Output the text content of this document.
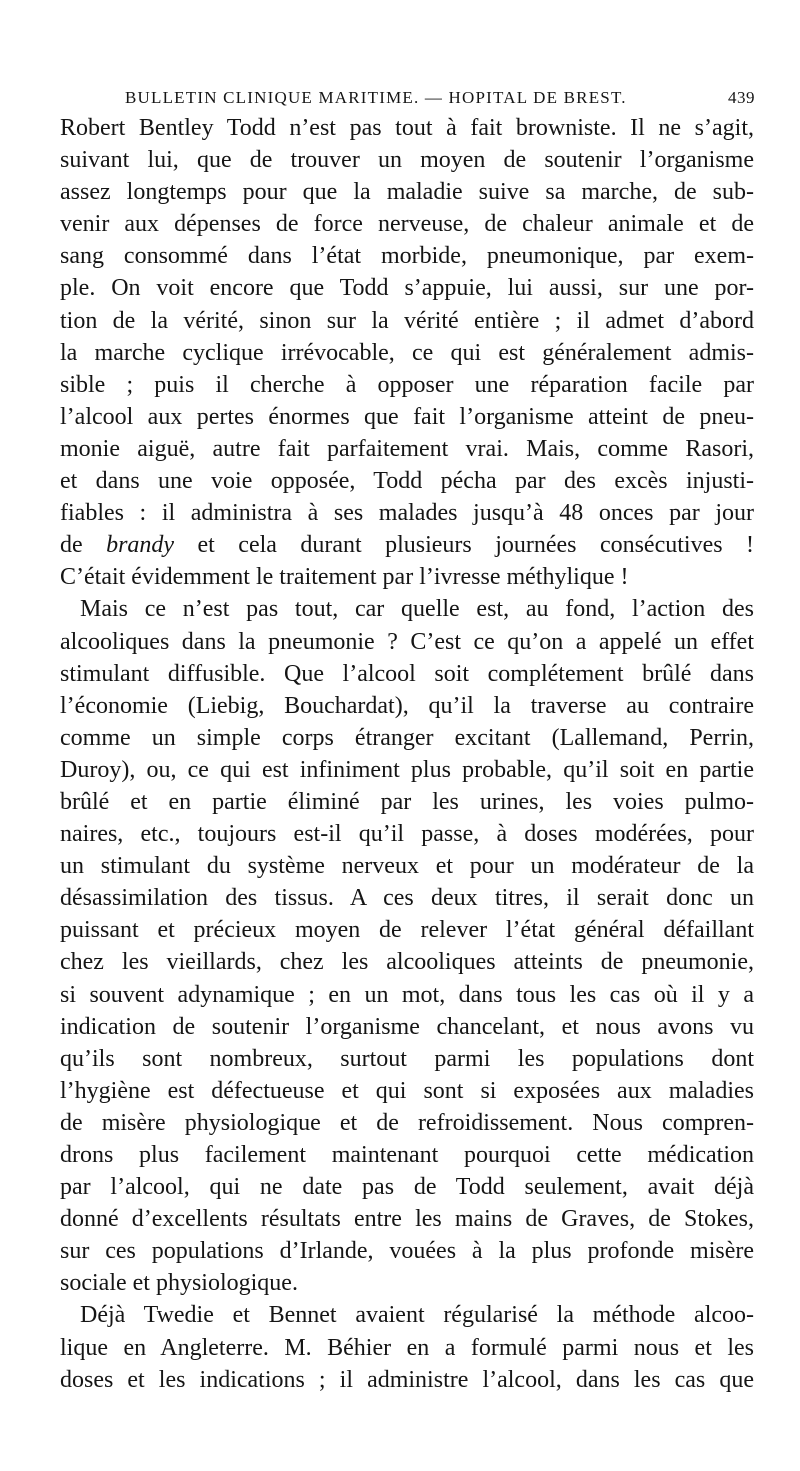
BULLETIN CLINIQUE MARITIME. — HOPITAL DE BREST.	439
Robert Bentley Todd n’est pas tout à fait browniste. Il ne s’agit,
suivant lui, que de trouver un moyen de soutenir l’organisme
assez longtemps pour que la maladie suive sa marche, de sub-
venir aux dépenses de force nerveuse, de chaleur animale et de
sang consommé dans l’état morbide, pneumonique, par exem-
ple. On voit encore que Todd s’appuie, lui aussi, sur une por-
tion de la vérité, sinon sur la vérité entière ; il admet d’abord
la marche cyclique irrévocable, ce qui est généralement admis-
sible ; puis il cherche à opposer une réparation facile par
l’alcool aux pertes énormes que fait l’organisme atteint de pneu-
monie aiguë, autre fait parfaitement vrai. Mais, comme Rasori,
et dans une voie opposée, Todd pécha par des excès injusti-
fiables : il administra à ses malades jusqu’à 48 onces par jour
de brandy et cela durant plusieurs journées consécutives !
C’était évidemment le traitement par l’ivresse méthylique !
Mais ce n’est pas tout, car quelle est, au fond, l’action des
alcooliques dans la pneumonie ? C’est ce qu’on a appelé un effet
stimulant diffusible. Que l’alcool soit complétement brûlé dans
l’économie (Liebig, Bouchardat), qu’il la traverse au contraire
comme un simple corps étranger excitant (Lallemand, Perrin,
Duroy), ou, ce qui est infiniment plus probable, qu’il soit en partie
brûlé et en partie éliminé par les urines, les voies pulmo-
naires, etc., toujours est-il qu’il passe, à doses modérées, pour
un stimulant du système nerveux et pour un modérateur de la
désassimilation des tissus. A ces deux titres, il serait donc un
puissant et précieux moyen de relever l’état général défaillant
chez les vieillards, chez les alcooliques atteints de pneumonie,
si souvent adynamique ; en un mot, dans tous les cas où il y a
indication de soutenir l’organisme chancelant, et nous avons vu
qu’ils sont nombreux, surtout parmi les populations dont
l’hygiène est défectueuse et qui sont si exposées aux maladies
de misère physiologique et de refroidissement. Nous compren-
drons plus facilement maintenant pourquoi cette médication
par l’alcool, qui ne date pas de Todd seulement, avait déjà
donné d’excellents résultats entre les mains de Graves, de Stokes,
sur ces populations d’Irlande, vouées à la plus profonde misère
sociale et physiologique.
Déjà Twedie et Bennet avaient régularisé la méthode alcoo-
lique en Angleterre. M. Béhier en a formulé parmi nous et les
doses et les indications ; il administre l’alcool, dans les cas que
